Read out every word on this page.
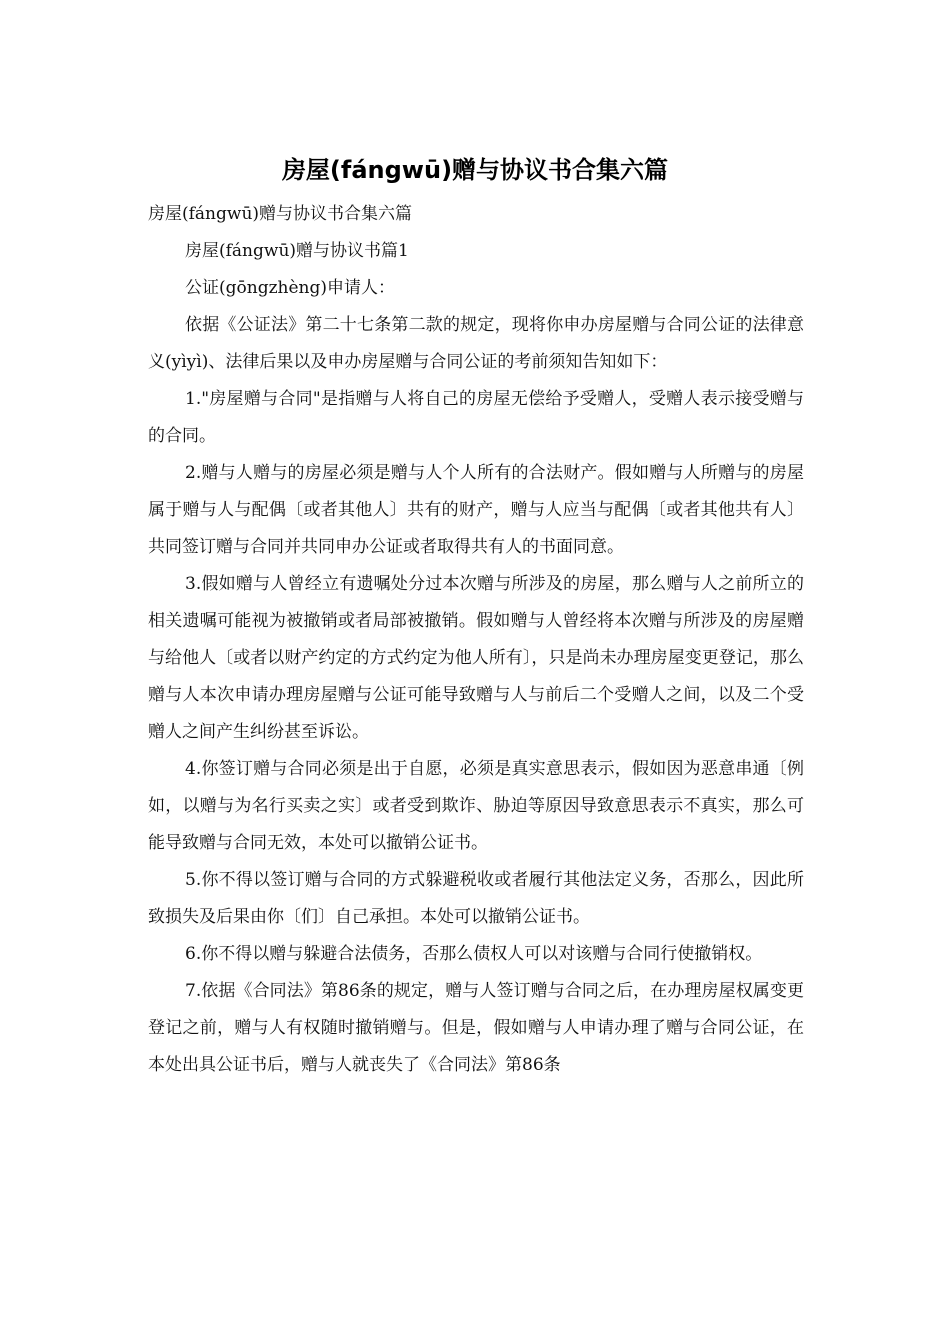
房屋(fángwū)赠与协议书合集六篇

房屋(fángwū)赠与协议书合集六篇

房屋(fángwū)赠与协议书篇1

公证(gōngzhèng)申请人：

依据《公证法》第二十七条第二款的规定，现将你申办房屋赠与合同公证的法律意义(yìyì)、法律后果以及申办房屋赠与合同公证的考前须知告知如下：

1."房屋赠与合同"是指赠与人将自己的房屋无偿给予受赠人，受赠人表示接受赠与的合同。

2.赠与人赠与的房屋必须是赠与人个人所有的合法财产。假如赠与人所赠与的房屋属于赠与人与配偶〔或者其他人〕共有的财产，赠与人应当与配偶〔或者其他共有人〕共同签订赠与合同并共同申办公证或者取得共有人的书面同意。

3.假如赠与人曾经立有遗嘱处分过本次赠与所涉及的房屋，那么赠与人之前所立的相关遗嘱可能视为被撤销或者局部被撤销。假如赠与人曾经将本次赠与所涉及的房屋赠与给他人〔或者以财产约定的方式约定为他人所有〕，只是尚未办理房屋变更登记，那么赠与人本次申请办理房屋赠与公证可能导致赠与人与前后二个受赠人之间，以及二个受赠人之间产生纠纷甚至诉讼。

4.你签订赠与合同必须是出于自愿，必须是真实意思表示，假如因为恶意串通〔例如，以赠与为名行买卖之实〕或者受到欺诈、胁迫等原因导致意思表示不真实，那么可能导致赠与合同无效，本处可以撤销公证书。

5.你不得以签订赠与合同的方式躲避税收或者履行其他法定义务，否那么，因此所致损失及后果由你〔们〕自己承担。本处可以撤销公证书。

6.你不得以赠与躲避合法债务，否那么债权人可以对该赠与合同行使撤销权。

7.依据《合同法》第86条的规定，赠与人签订赠与合同之后，在办理房屋权属变更登记之前，赠与人有权随时撤销赠与。但是，假如赠与人申请办理了赠与合同公证，在本处出具公证书后，赠与人就丧失了《合同法》第86条
